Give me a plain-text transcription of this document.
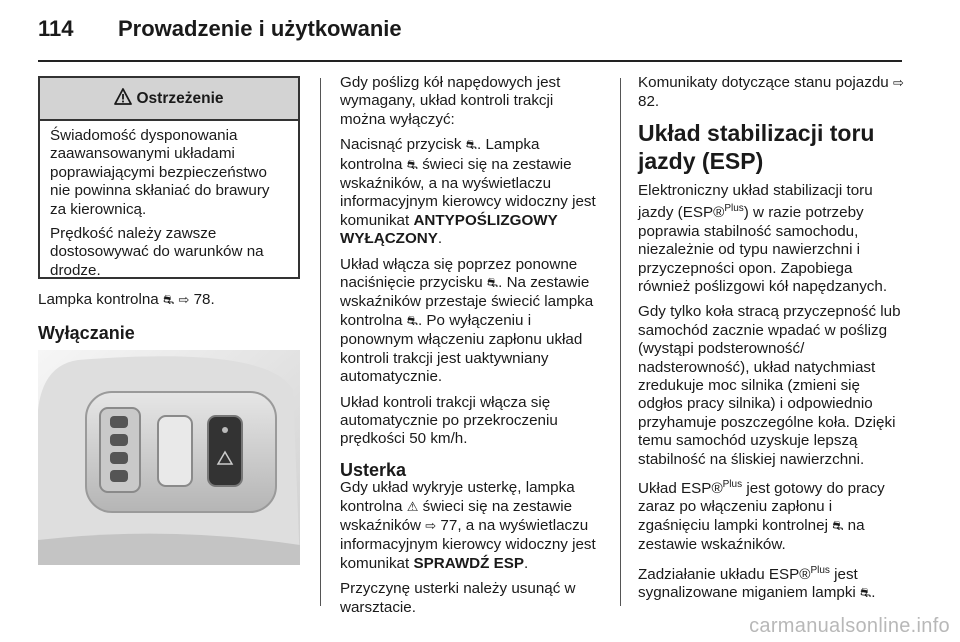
114 Prowadzenie i użytkowanie
Ostrzeżenie

Świadomość dysponowania zaawansowanymi układami poprawiającymi bezpieczeństwo nie powinna skłaniać do brawury za kierownicą.

Prędkość należy zawsze dostosowywać do warunków na drodze.

Lampka kontrolna ⛐ ⇨ 78.

Wyłączanie

Gdy poślizg kół napędowych jest wymagany, układ kontroli trakcji można wyłączyć:

Nacisnąć przycisk ⛐. Lampka kontrolna ⛐ świeci się na zestawie wskaźników, a na wyświetlaczu informacyjnym kierowcy widoczny jest komunikat ANTYPOŚLIZGOWY WYŁĄCZONY.

Układ włącza się poprzez ponowne naciśnięcie przycisku ⛐. Na zestawie wskaźników przestaje świecić lampka kontrolna ⛐. Po wyłączeniu i ponownym włączeniu zapłonu układ kontroli trakcji jest uaktywniany automatycznie.

Układ kontroli trakcji włącza się automatycznie po przekroczeniu prędkości 50 km/h.

Usterka

Gdy układ wykryje usterkę, lampka kontrolna ⚠ świeci się na zestawie wskaźników ⇨ 77, a na wyświetlaczu informacyjnym kierowcy widoczny jest komunikat SPRAWDŹ ESP.

Przyczynę usterki należy usunąć w warsztacie.

Komunikaty dotyczące stanu pojazdu ⇨ 82.

Układ stabilizacji toru jazdy (ESP)

Elektroniczny układ stabilizacji toru jazdy (ESP®$^{Plus}$) w razie potrzeby poprawia stabilność samochodu, niezależnie od typu nawierzchni i przyczepności opon. Zapobiega również poślizgowi kół napędzanych.

Gdy tylko koła stracą przyczepność lub samochód zacznie wpadać w poślizg (wystąpi podsterowność/ nadsterowność), układ natychmiast zredukuje moc silnika (zmieni się odgłos pracy silnika) i odpowiednio przyhamuje poszczególne koła. Dzięki temu samochód uzyskuje lepszą stabilność na śliskiej nawierzchni.

Układ ESP®$^{Plus}$ jest gotowy do pracy zaraz po włączeniu zapłonu i zgaśnięciu lampki kontrolnej ⛐ na zestawie wskaźników.

Zadziałanie układu ESP®$^{Plus}$ jest sygnalizowane miganiem lampki ⛐.

carmanualsonline.info
